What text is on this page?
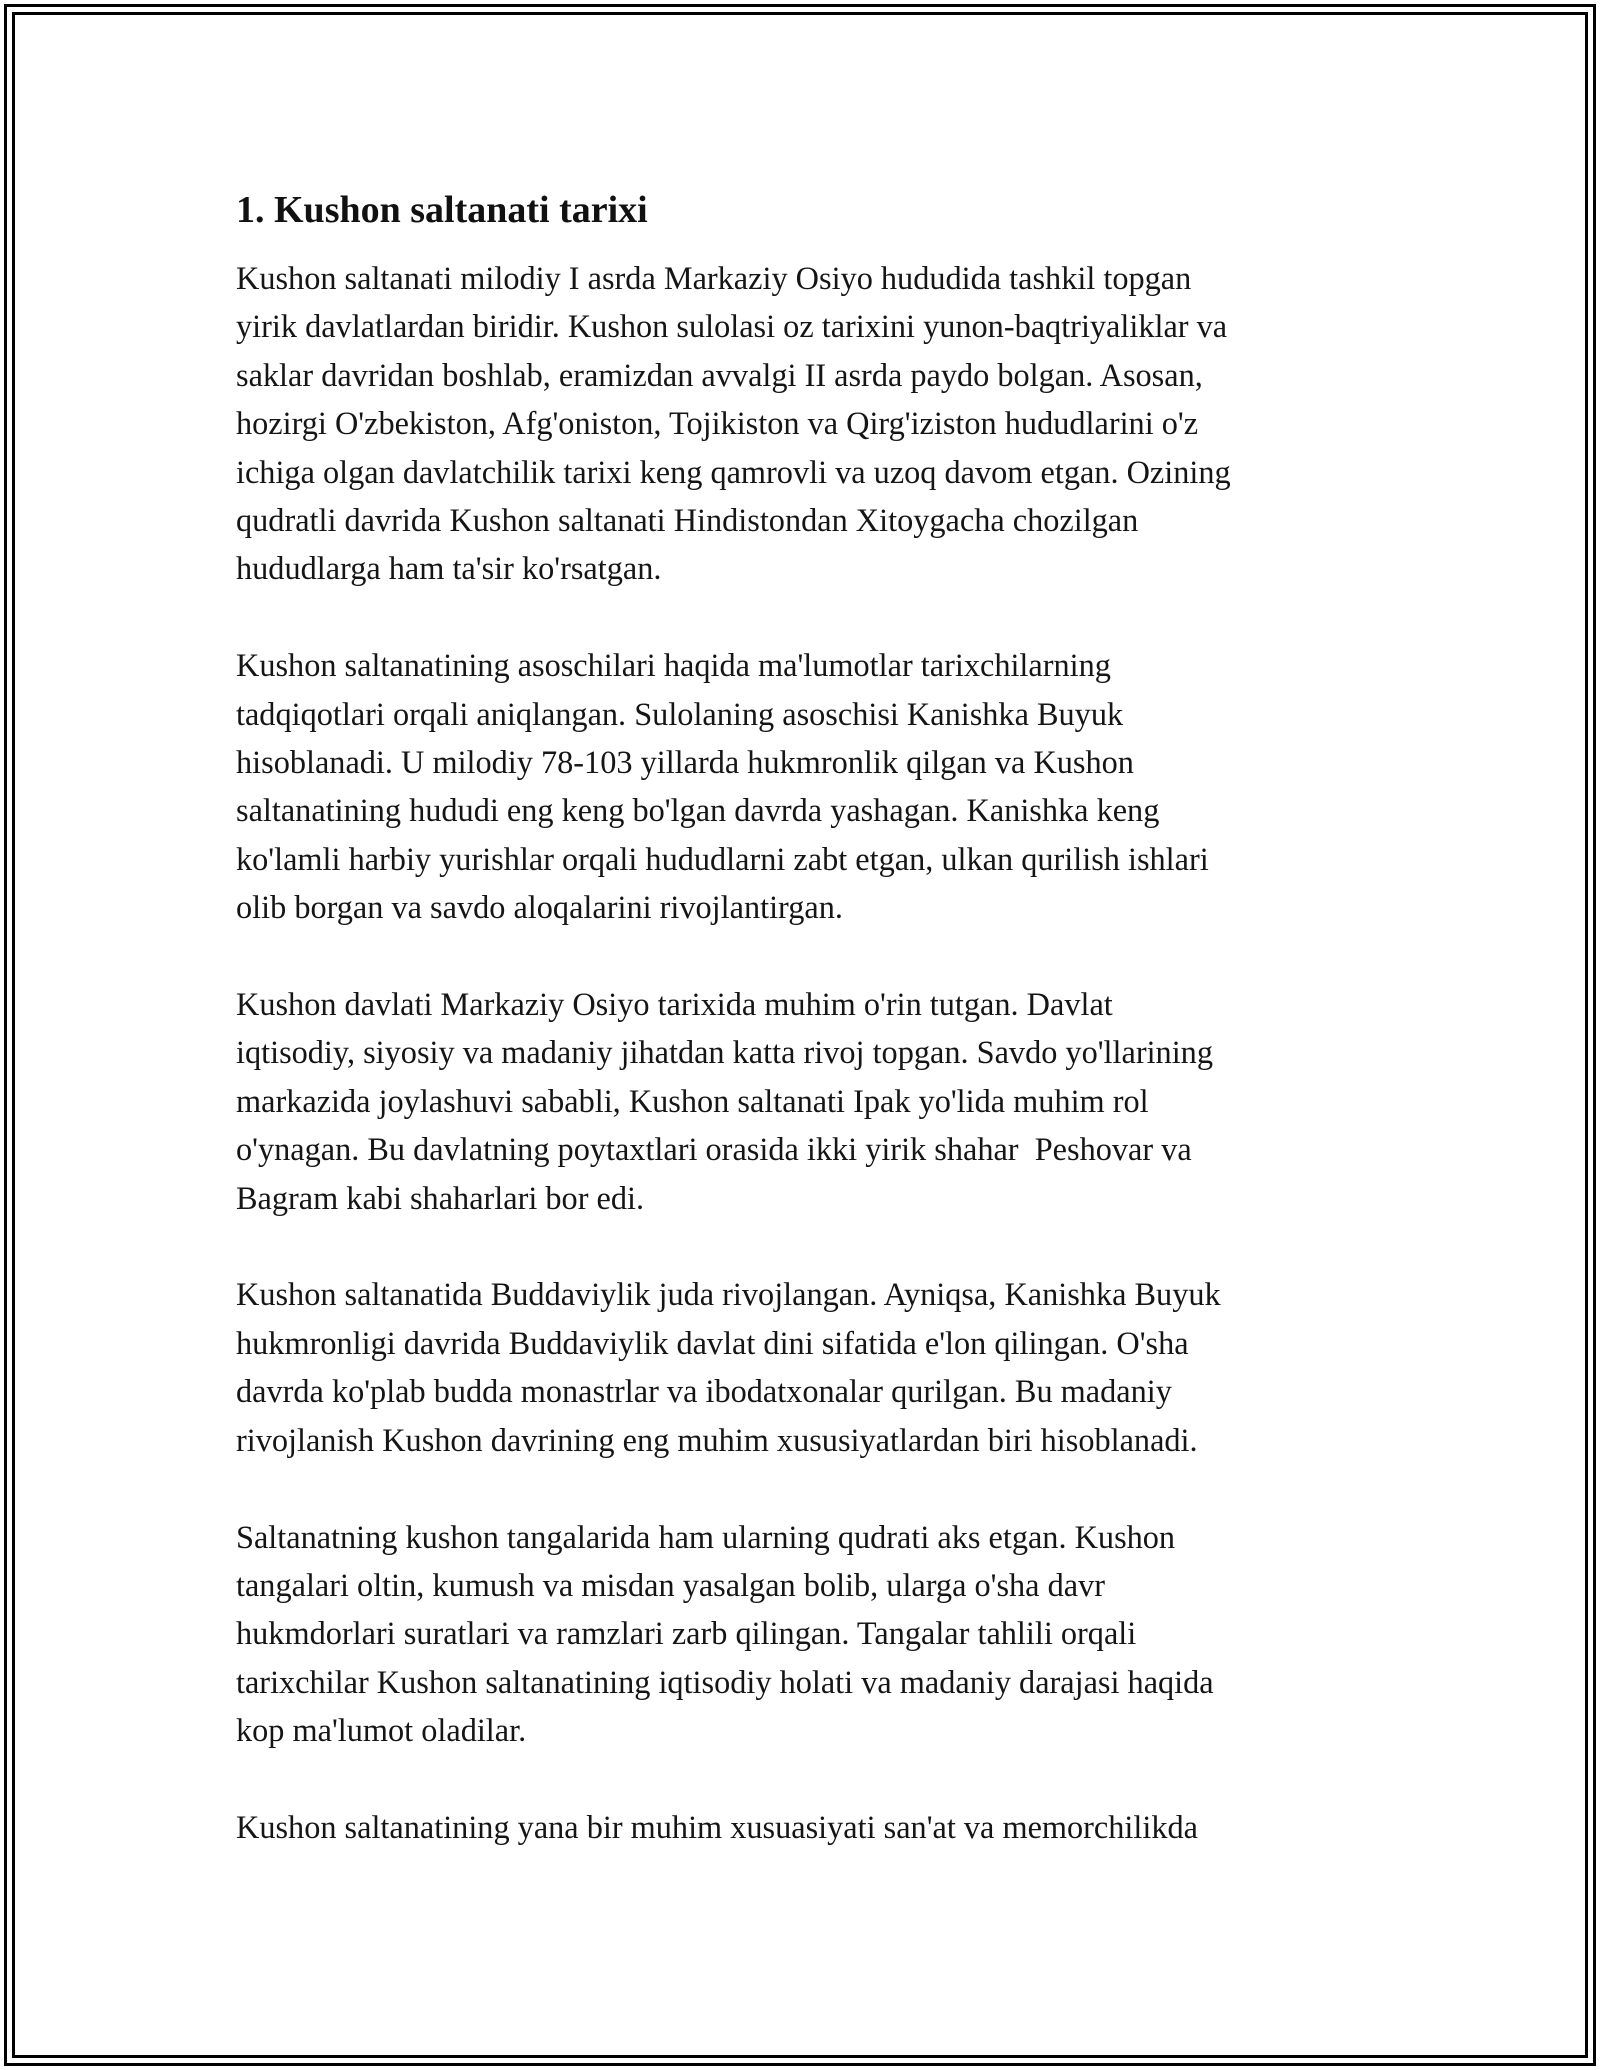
1. Kushon saltanati tarixi

Kushon saltanati milodiy I asrda Markaziy Osiyo hududida tashkil topgan
yirik davlatlardan biridir. Kushon sulolasi oz tarixini yunon-baqtriyaliklar va
saklar davridan boshlab, eramizdan avvalgi II asrda paydo bolgan. Asosan,
hozirgi O'zbekiston, Afg'oniston, Tojikiston va Qirg'iziston hududlarini o'z
ichiga olgan davlatchilik tarixi keng qamrovli va uzoq davom etgan. Ozining
qudratli davrida Kushon saltanati Hindistondan Xitoygacha chozilgan
hududlarga ham ta'sir ko'rsatgan.

Kushon saltanatining asoschilari haqida ma'lumotlar tarixchilarning
tadqiqotlari orqali aniqlangan. Sulolaning asoschisi Kanishka Buyuk
hisoblanadi. U milodiy 78-103 yillarda hukmronlik qilgan va Kushon
saltanatining hududi eng keng bo'lgan davrda yashagan. Kanishka keng
ko'lamli harbiy yurishlar orqali hududlarni zabt etgan, ulkan qurilish ishlari
olib borgan va savdo aloqalarini rivojlantirgan.

Kushon davlati Markaziy Osiyo tarixida muhim o'rin tutgan. Davlat
iqtisodiy, siyosiy va madaniy jihatdan katta rivoj topgan. Savdo yo'llarining
markazida joylashuvi sababli, Kushon saltanati Ipak yo'lida muhim rol
o'ynagan. Bu davlatning poytaxtlari orasida ikki yirik shahar  Peshovar va
Bagram kabi shaharlari bor edi.

Kushon saltanatida Buddaviylik juda rivojlangan. Ayniqsa, Kanishka Buyuk
hukmronligi davrida Buddaviylik davlat dini sifatida e'lon qilingan. O'sha
davrda ko'plab budda monastrlar va ibodatxonalar qurilgan. Bu madaniy
rivojlanish Kushon davrining eng muhim xususiyatlardan biri hisoblanadi.

Saltanatning kushon tangalarida ham ularning qudrati aks etgan. Kushon
tangalari oltin, kumush va misdan yasalgan bolib, ularga o'sha davr
hukmdorlari suratlari va ramzlari zarb qilingan. Tangalar tahlili orqali
tarixchilar Kushon saltanatining iqtisodiy holati va madaniy darajasi haqida
kop ma'lumot oladilar.

Kushon saltanatining yana bir muhim xusuasiyati san'at va memorchilikda
